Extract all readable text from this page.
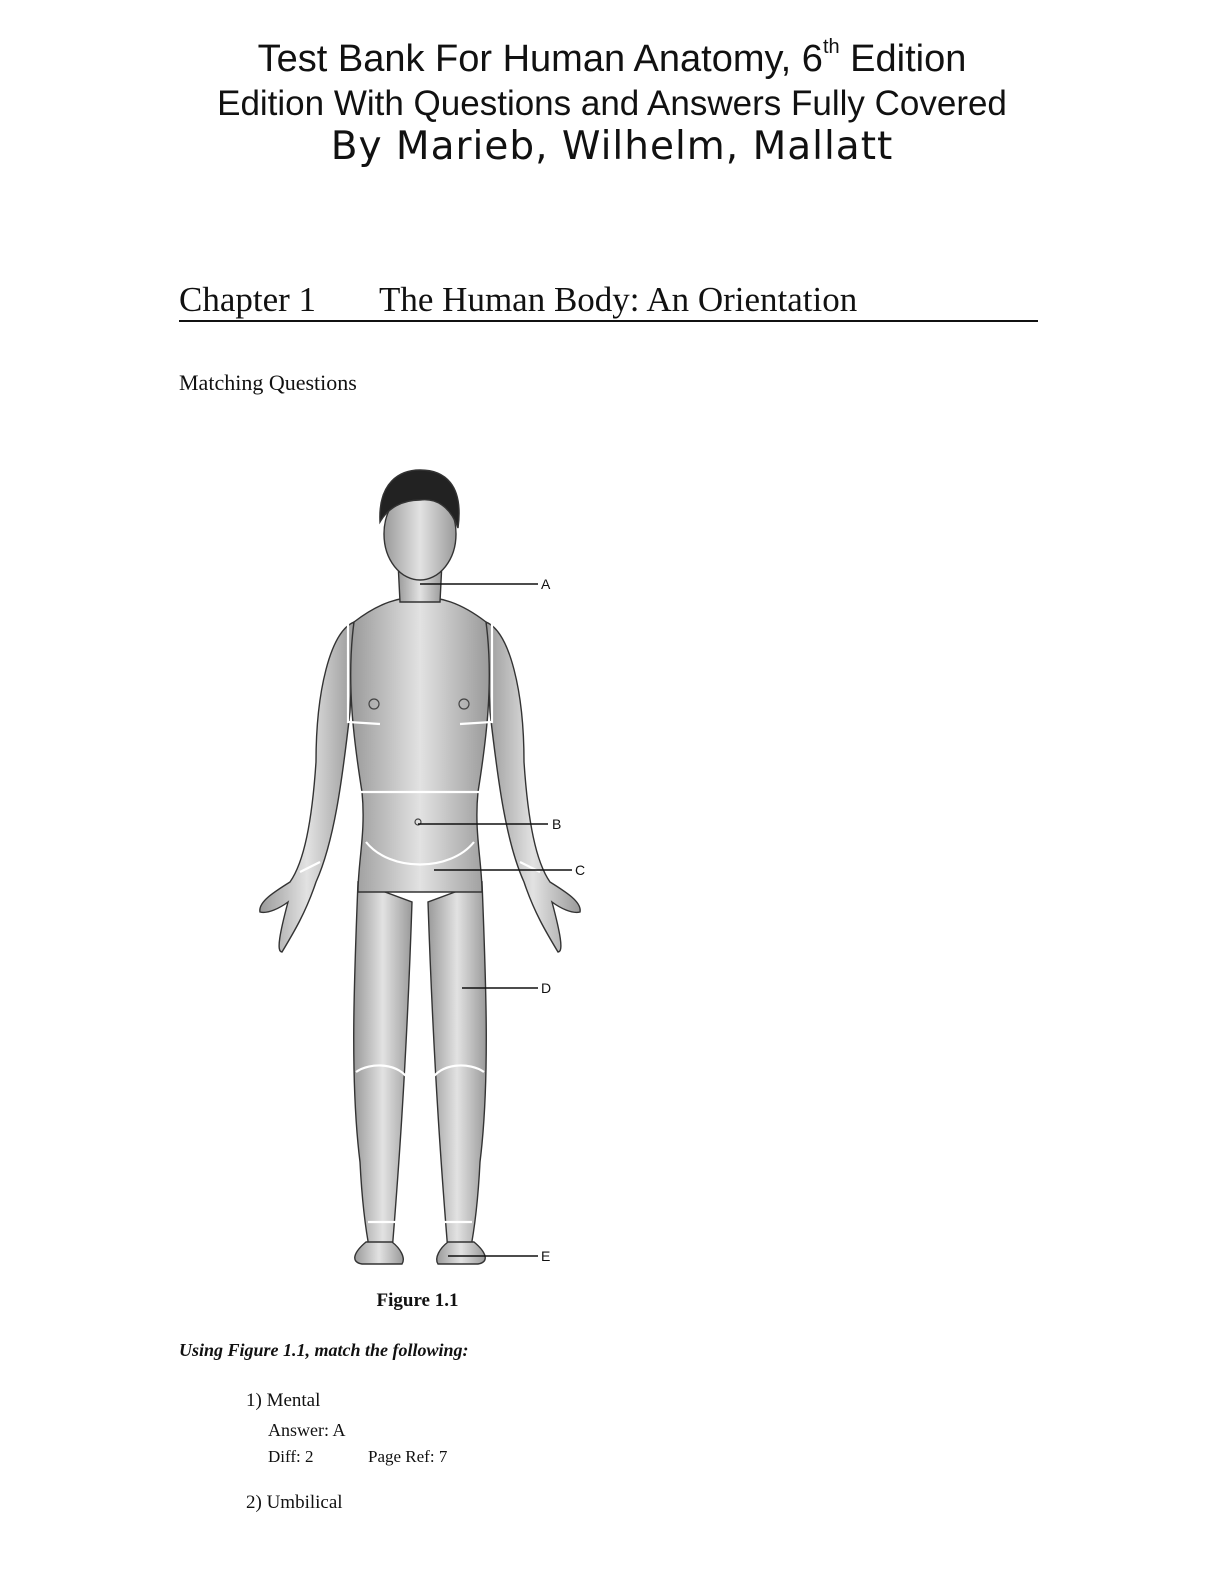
Test Bank For Human Anatomy, 6th Edition
Edition With Questions and Answers Fully Covered
By Marieb, Wilhelm, Mallatt
Chapter 1 The Human Body: An Orientation
Matching Questions
A
B
C
D
E
Figure 1.1
Using Figure 1.1, match the following:
1) Mental
Answer: A
Diff: 2	Page Ref: 7
2) Umbilical
